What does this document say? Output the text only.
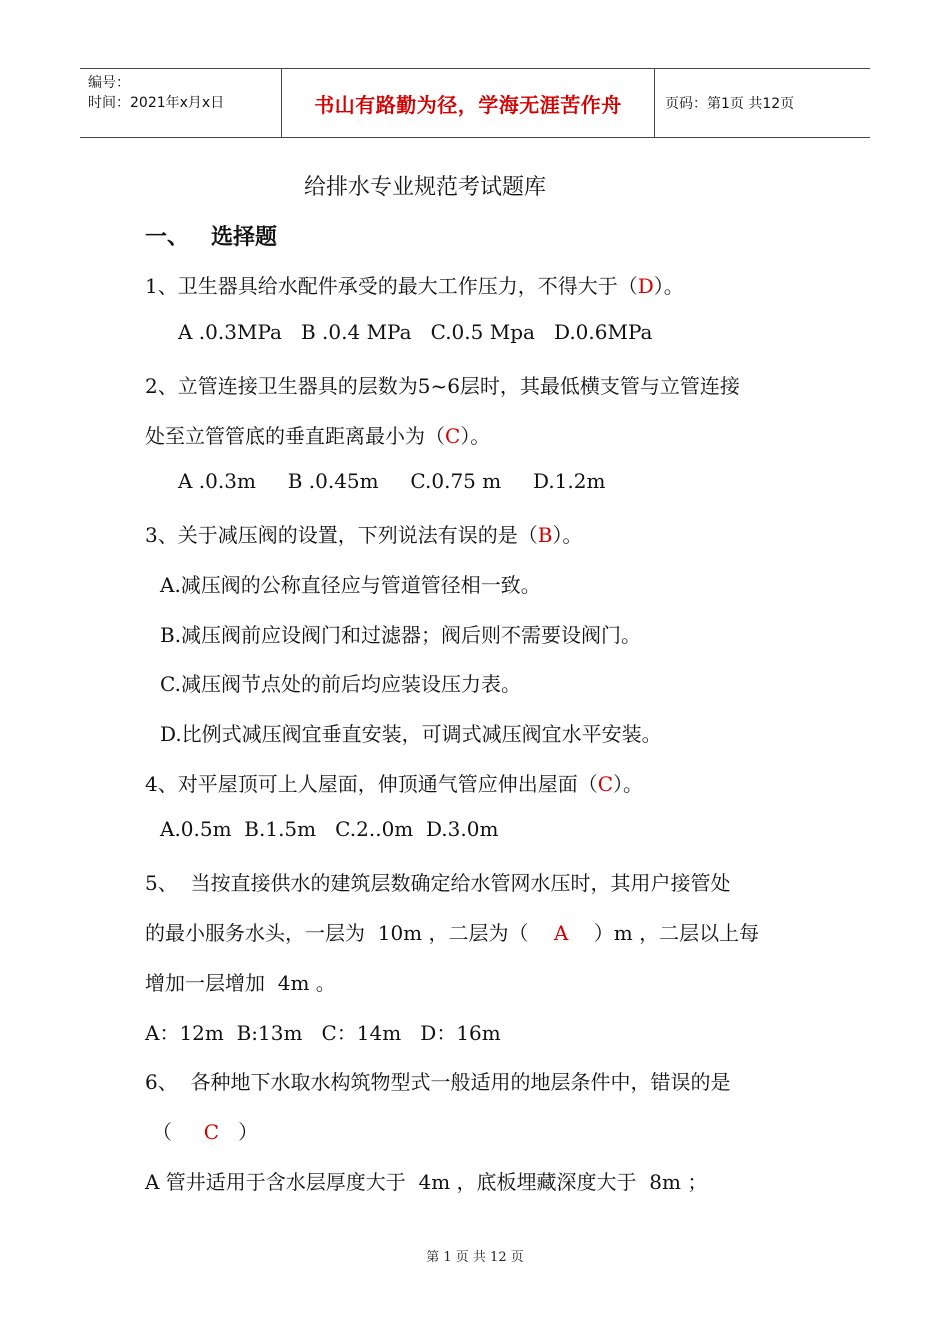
编号：
时间：2021年x月x日	书山有路勤为径，学海无涯苦作舟	页码：第1页 共12页
给排水专业规范考试题库
一、 选择题
1、卫生器具给水配件承受的最大工作压力，不得大于（D）。
A .0.3MPa   B .0.4 MPa   C.0.5 Mpa   D.0.6MPa
2、立管连接卫生器具的层数为5~6层时，其最低横支管与立管连接
处至立管管底的垂直距离最小为（C）。
A .0.3m     B .0.45m     C.0.75 m     D.1.2m
3、关于减压阀的设置，下列说法有误的是（B）。
A.减压阀的公称直径应与管道管径相一致。
B.减压阀前应设阀门和过滤器；阀后则不需要设阀门。
C.减压阀节点处的前后均应装设压力表。
D.比例式减压阀宜垂直安装，可调式减压阀宜水平安装。
4、对平屋顶可上人屋面，伸顶通气管应伸出屋面（C）。
A.0.5m  B.1.5m   C.2..0m  D.3.0m
5、  当按直接供水的建筑层数确定给水管网水压时，其用户接管处
的最小服务水头，一层为  10m ，二层为（    A    ）m ，二层以上每
增加一层增加  4m 。
A：12m  B:13m   C：14m   D：16m
6、  各种地下水取水构筑物型式一般适用的地层条件中，错误的是
（     C   ）
A 管井适用于含水层厚度大于  4m ，底板埋藏深度大于  8m ；
第 1 页 共 12 页
